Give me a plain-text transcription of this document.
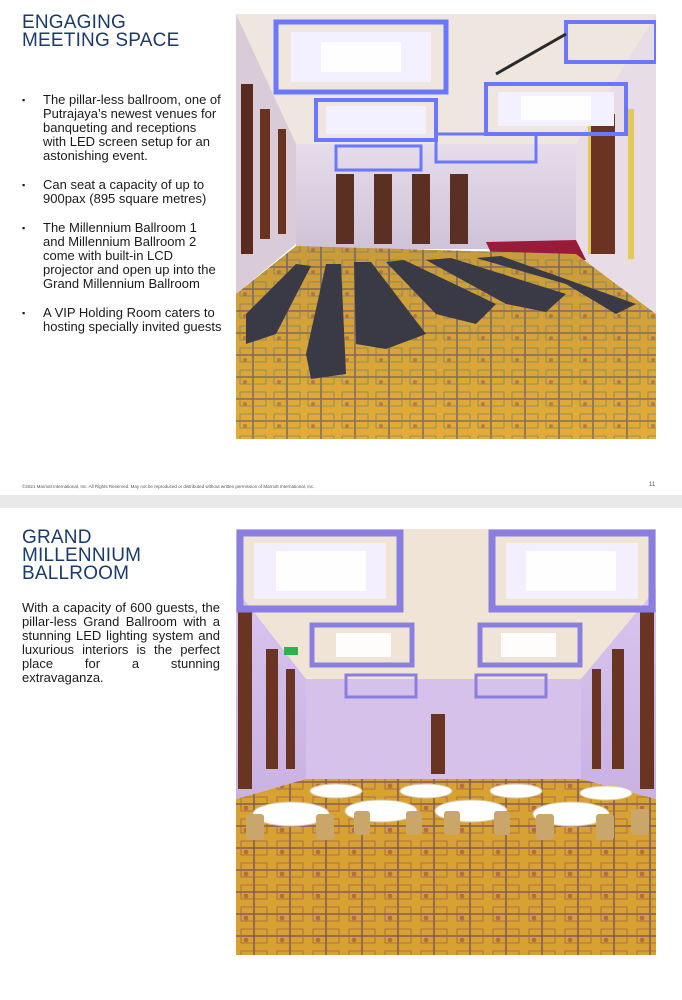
ENGAGING
MEETING SPACE
▪ The pillar-less ballroom, one of Putrajaya’s newest venues for banqueting and receptions with LED screen setup for an astonishing event.
▪ Can seat a capacity of up to 900pax (895 square metres)
▪ The Millennium Ballroom 1 and Millennium Ballroom 2 come with built-in LCD projector and open up into the Grand Millennium Ballroom
▪ A VIP Holding Room caters to hosting specially invited guests
©2021 Marriott International, Inc. All Rights Reserved. May not be reproduced or distributed without written permission of Marriott International, Inc.	11
GRAND
MILLENNIUM
BALLROOM

With a capacity of 600 guests, the pillar-less Grand Ballroom with a stunning LED lighting system and luxurious interiors is the perfect place for a stunning extravaganza.
